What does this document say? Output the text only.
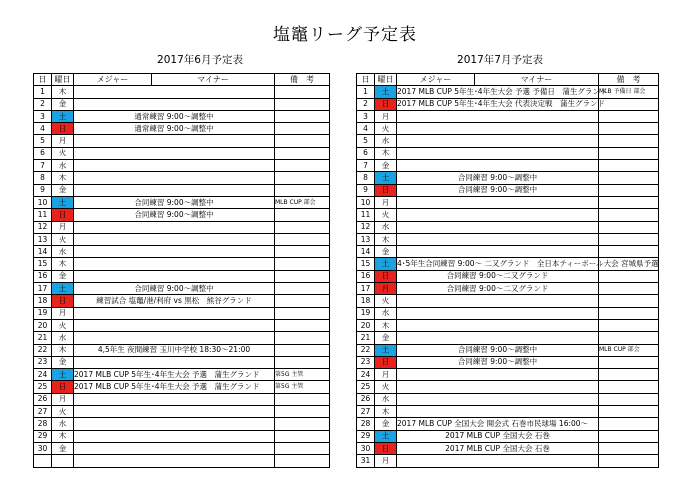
塩竈リーグ予定表
2017年6月予定表	2017年7月予定表
日	曜日	メジャー	マイナー	備　考
1	木			
2	金			
3	土	通常練習 9:00～調整中		
4	日	通常練習 9:00～調整中		
5	月			
6	火			
7	水			
8	木			
9	金			
10	土	合同練習 9:00～調整中		MLB CUP 部会
11	日	合同練習 9:00～調整中		
12	月			
13	火			
14	水			
15	木			
16	金			
17	土	合同練習 9:00～調整中		
18	日	練習試合 塩竈/港/利府 vs 黒松　熊谷グランド		
19	月			
20	火			
21	水			
22	木	4,5年生 夜間練習 玉川中学校 18:30～21:00		
23	金			
24	土	2017 MLB CUP 5年生･4年生大会 予選　蒲生グランド		第5G 主管
25	日	2017 MLB CUP 5年生･4年生大会 予選　蒲生グランド		第5G 主管
26	月			
27	火			
28	水			
29	木			
30	金			

日	曜日	メジャー	マイナー	備　考
1	土	2017 MLB CUP 5年生･4年生大会 予選 予備日　蒲生グランド		MLB 予備日 部会
2	日	2017 MLB CUP 5年生･4年生大会 代表決定戦　蒲生グランド		
3	月			
4	火			
5	水			
6	木			
7	金			
8	土	合同練習 9:00～調整中		
9	日	合同練習 9:00～調整中		
10	月			
11	火			
12	水			
13	木			
14	金			
15	土	4･5年生合同練習 9:00～ 二又グランド　全日本ティーボール大会 宮城県予選		
16	日	合同練習 9:00～二又グランド		
17	月	合同練習 9:00～二又グランド		
18	火			
19	水			
20	木			
21	金			
22	土	合同練習 9:00～調整中		MLB CUP 部会
23	日	合同練習 9:00～調整中		
24	月			
25	火			
26	水			
27	木			
28	金	2017 MLB CUP 全国大会 開会式 石巻市民球場 16:00～		
29	土	2017 MLB CUP 全国大会 石巻		
30	日	2017 MLB CUP 全国大会 石巻		
31	月			
